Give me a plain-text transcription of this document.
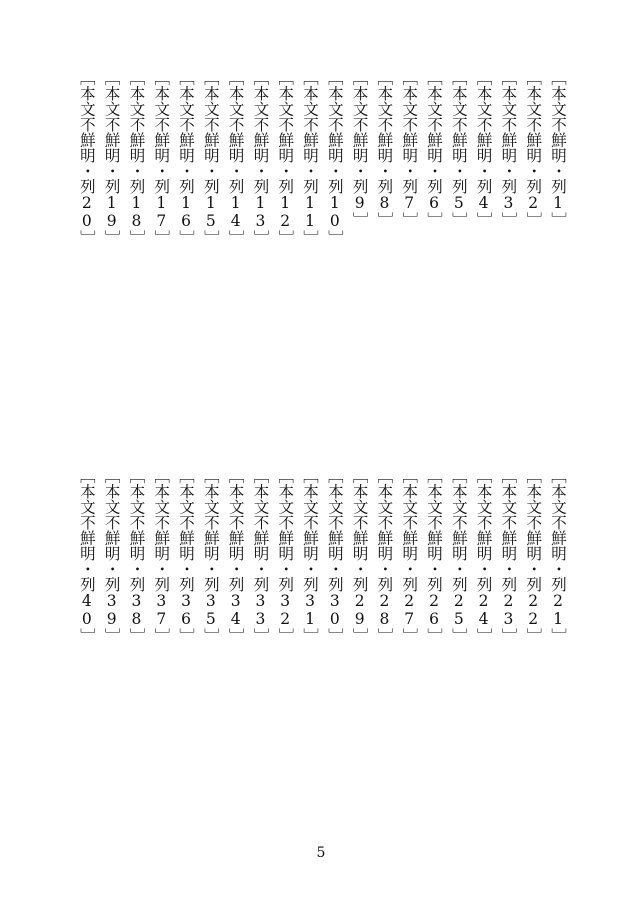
［本文不鮮明・列1］
［本文不鮮明・列2］
［本文不鮮明・列3］
［本文不鮮明・列4］
［本文不鮮明・列5］
［本文不鮮明・列6］
［本文不鮮明・列7］
［本文不鮮明・列8］
［本文不鮮明・列9］
［本文不鮮明・列10］
［本文不鮮明・列11］
［本文不鮮明・列12］
［本文不鮮明・列13］
［本文不鮮明・列14］
［本文不鮮明・列15］
［本文不鮮明・列16］
［本文不鮮明・列17］
［本文不鮮明・列18］
［本文不鮮明・列19］
［本文不鮮明・列20］
［本文不鮮明・列21］
［本文不鮮明・列22］
［本文不鮮明・列23］
［本文不鮮明・列24］
［本文不鮮明・列25］
［本文不鮮明・列26］
［本文不鮮明・列27］
［本文不鮮明・列28］
［本文不鮮明・列29］
［本文不鮮明・列30］
［本文不鮮明・列31］
［本文不鮮明・列32］
［本文不鮮明・列33］
［本文不鮮明・列34］
［本文不鮮明・列35］
［本文不鮮明・列36］
［本文不鮮明・列37］
［本文不鮮明・列38］
［本文不鮮明・列39］
［本文不鮮明・列40］
5
